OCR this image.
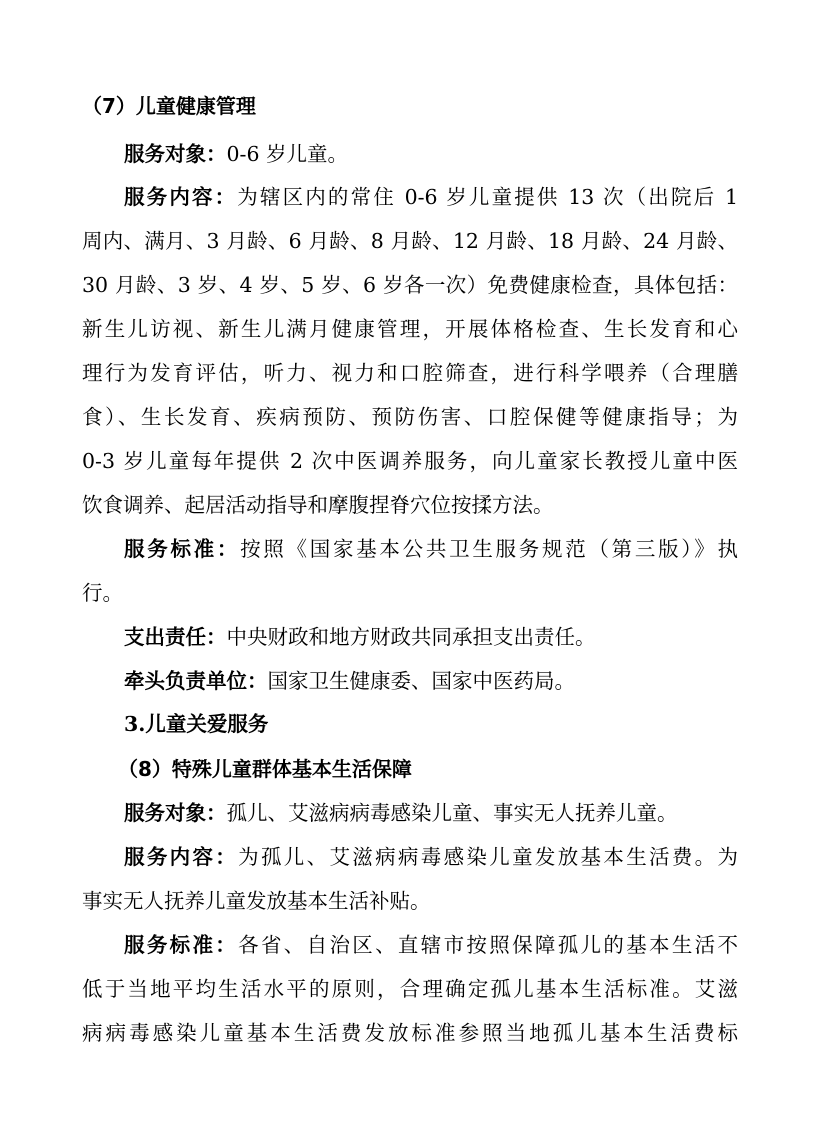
（7）儿童健康管理
服务对象：0-6 岁儿童。
服务内容：为辖区内的常住 0-6 岁儿童提供 13 次（出院后 1
周内、满月、3 月龄、6 月龄、8 月龄、12 月龄、18 月龄、24 月龄、
30 月龄、3 岁、4 岁、5 岁、6 岁各一次）免费健康检查，具体包括：
新生儿访视、新生儿满月健康管理，开展体格检查、生长发育和心
理行为发育评估，听力、视力和口腔筛查，进行科学喂养（合理膳
食）、生长发育、疾病预防、预防伤害、口腔保健等健康指导；为
0-3 岁儿童每年提供 2 次中医调养服务，向儿童家长教授儿童中医
饮食调养、起居活动指导和摩腹捏脊穴位按揉方法。
服务标准：按照《国家基本公共卫生服务规范（第三版）》执
行。
支出责任：中央财政和地方财政共同承担支出责任。
牵头负责单位：国家卫生健康委、国家中医药局。
3.儿童关爱服务
（8）特殊儿童群体基本生活保障
服务对象：孤儿、艾滋病病毒感染儿童、事实无人抚养儿童。
服务内容：为孤儿、艾滋病病毒感染儿童发放基本生活费。为
事实无人抚养儿童发放基本生活补贴。
服务标准：各省、自治区、直辖市按照保障孤儿的基本生活不
低于当地平均生活水平的原则，合理确定孤儿基本生活标准。艾滋
病病毒感染儿童基本生活费发放标准参照当地孤儿基本生活费标
